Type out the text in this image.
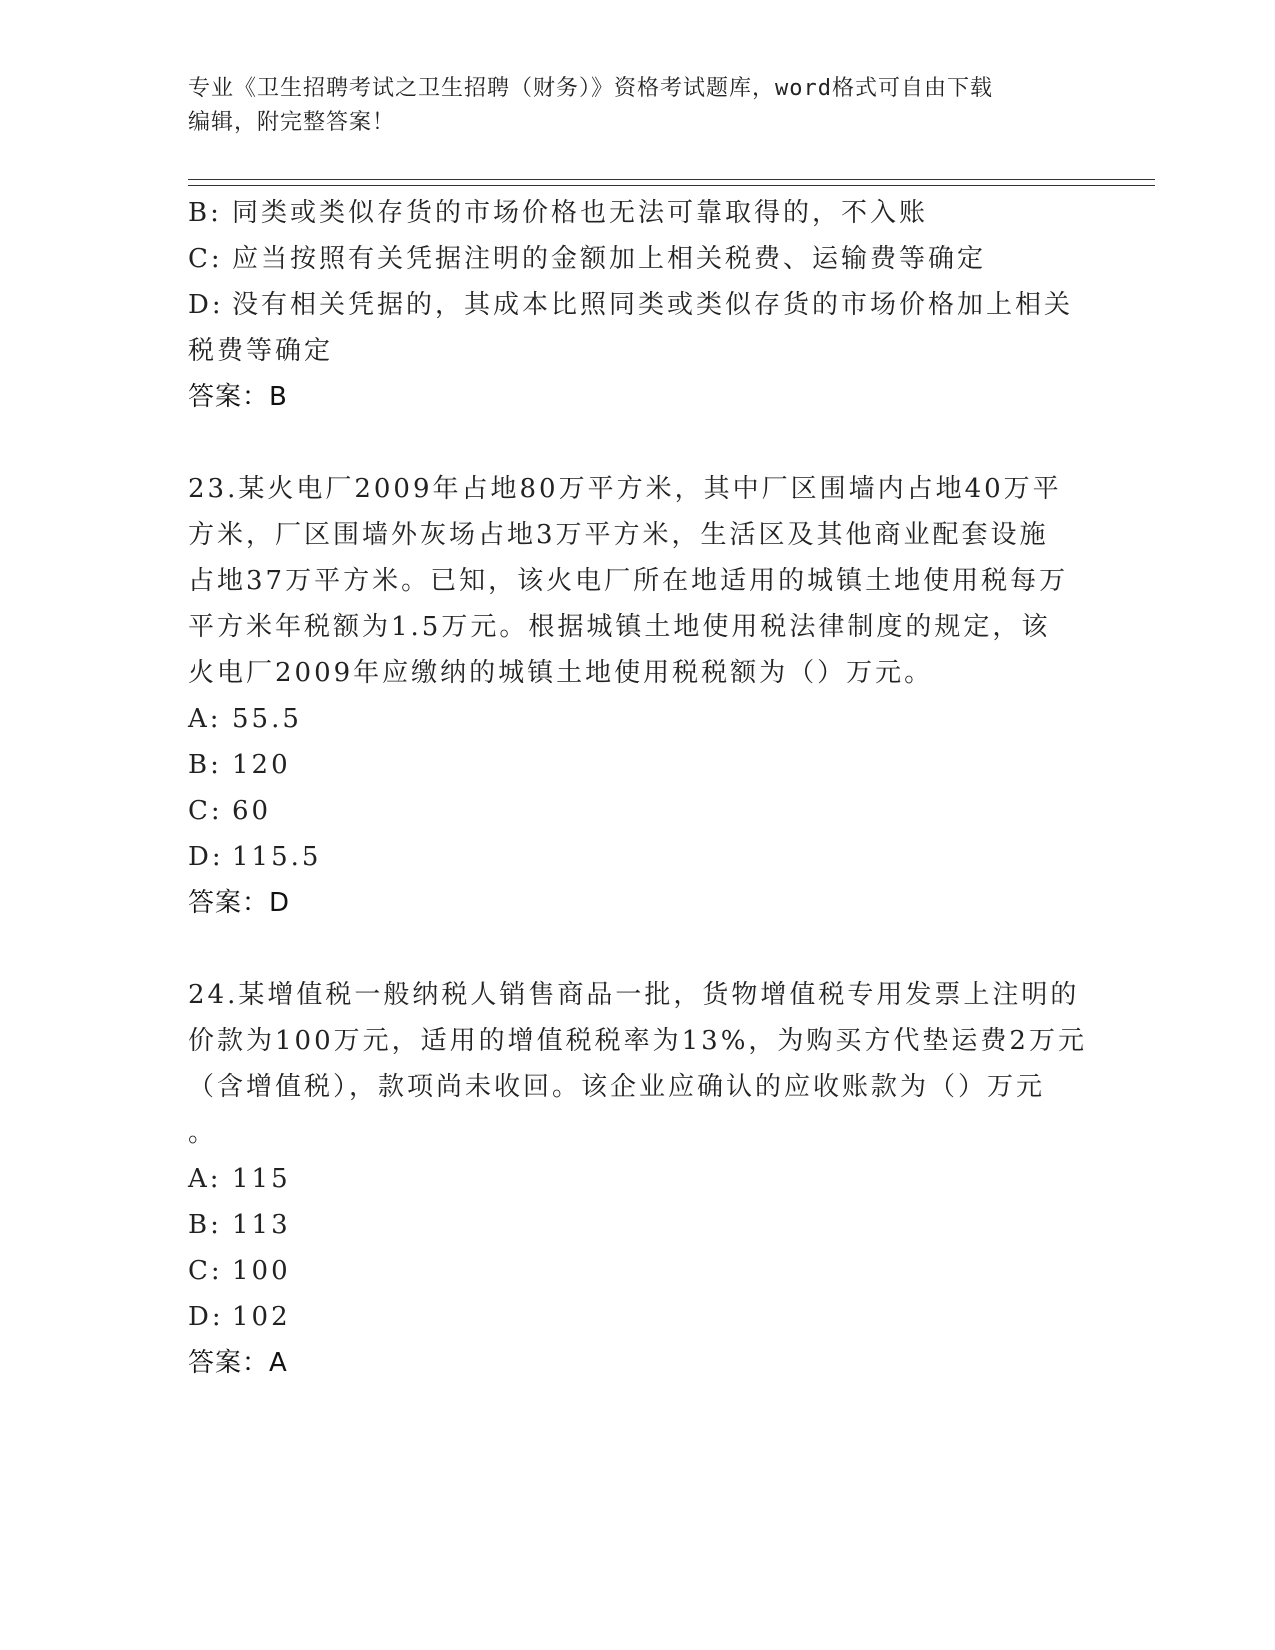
专业《卫生招聘考试之卫生招聘（财务）》资格考试题库，word格式可自由下载
编辑，附完整答案！
B: 同类或类似存货的市场价格也无法可靠取得的，不入账
C: 应当按照有关凭据注明的金额加上相关税费、运输费等确定
D: 没有相关凭据的，其成本比照同类或类似存货的市场价格加上相关
税费等确定
答案：B
23.某火电厂2009年占地80万平方米，其中厂区围墙内占地40万平
方米，厂区围墙外灰场占地3万平方米，生活区及其他商业配套设施
占地37万平方米。已知，该火电厂所在地适用的城镇土地使用税每万
平方米年税额为1.5万元。根据城镇土地使用税法律制度的规定，该
火电厂2009年应缴纳的城镇土地使用税税额为（）万元。
A: 55.5
B: 120
C: 60
D: 115.5
答案：D
24.某增值税一般纳税人销售商品一批，货物增值税专用发票上注明的
价款为100万元，适用的增值税税率为13%，为购买方代垫运费2万元
（含增值税），款项尚未收回。该企业应确认的应收账款为（）万元
。
A: 115
B: 113
C: 100
D: 102
答案：A
